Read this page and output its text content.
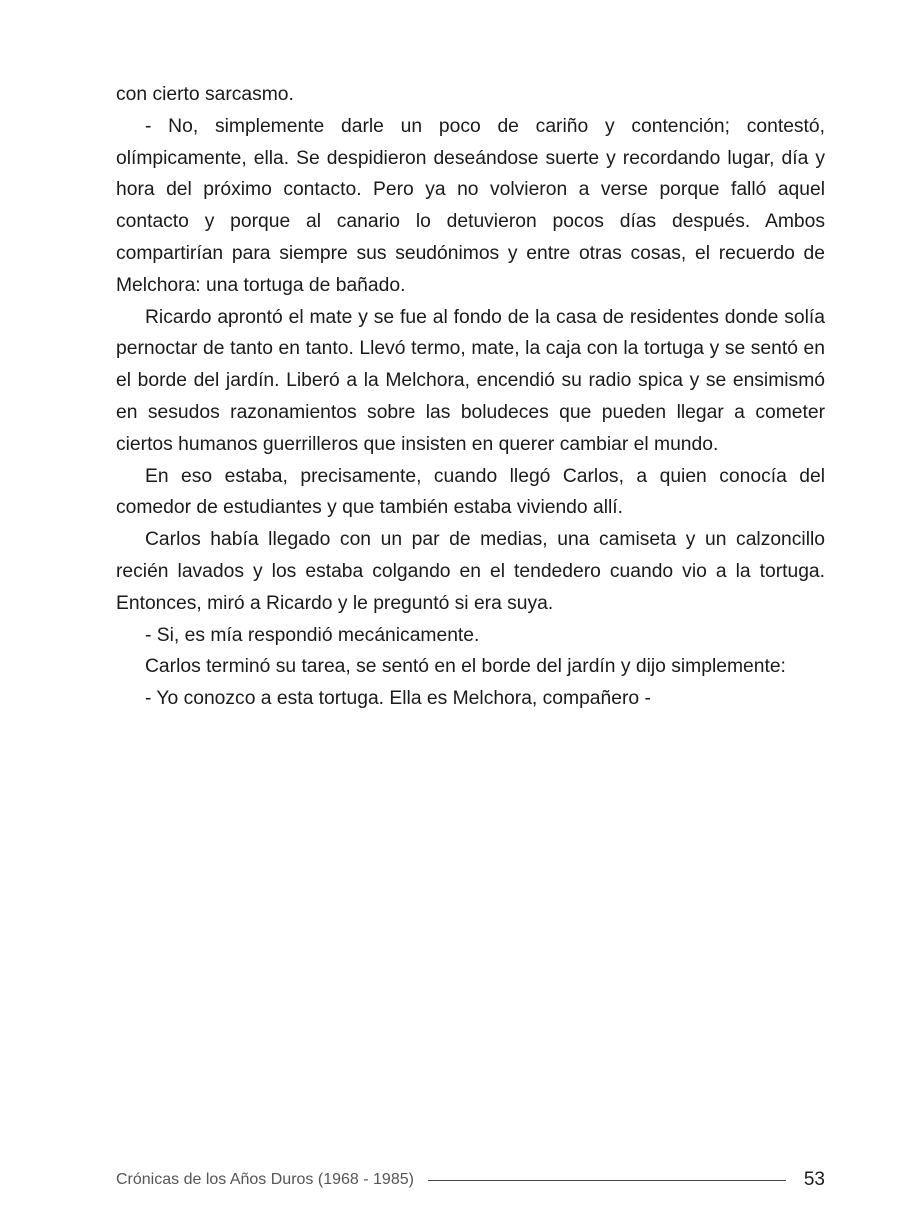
con cierto sarcasmo.

- No, simplemente darle un poco de cariño y contención; contestó, olímpicamente, ella. Se despidieron deseándose suerte y recordando lugar, día y hora del próximo contacto. Pero ya no volvieron a verse porque falló aquel contacto y porque al canario lo detuvieron pocos días después. Ambos compartirían para siempre sus seudónimos y entre otras cosas, el recuerdo de Melchora: una tortuga de bañado.

Ricardo aprontó el mate y se fue al fondo de la casa de residentes donde solía pernoctar de tanto en tanto. Llevó termo, mate, la caja con la tortuga y se sentó en el borde del jardín. Liberó a la Melchora, encendió su radio spica y se ensimismó en sesudos razonamientos sobre las boludeces que pueden llegar a cometer ciertos humanos guerrilleros que insisten en querer cambiar el mundo.

En eso estaba, precisamente, cuando llegó Carlos, a quien conocía del comedor de estudiantes y que también estaba viviendo allí.

Carlos había llegado con un par de medias, una camiseta y un calzoncillo recién lavados y los estaba colgando en el tendedero cuando vio a la tortuga. Entonces, miró a Ricardo y le preguntó si era suya.

- Si, es mía respondió mecánicamente.

Carlos terminó su tarea, se sentó en el borde del jardín y dijo simplemente:

- Yo conozco a esta tortuga. Ella es Melchora, compañero -

Crónicas de los Años Duros (1968 - 1985)	53
